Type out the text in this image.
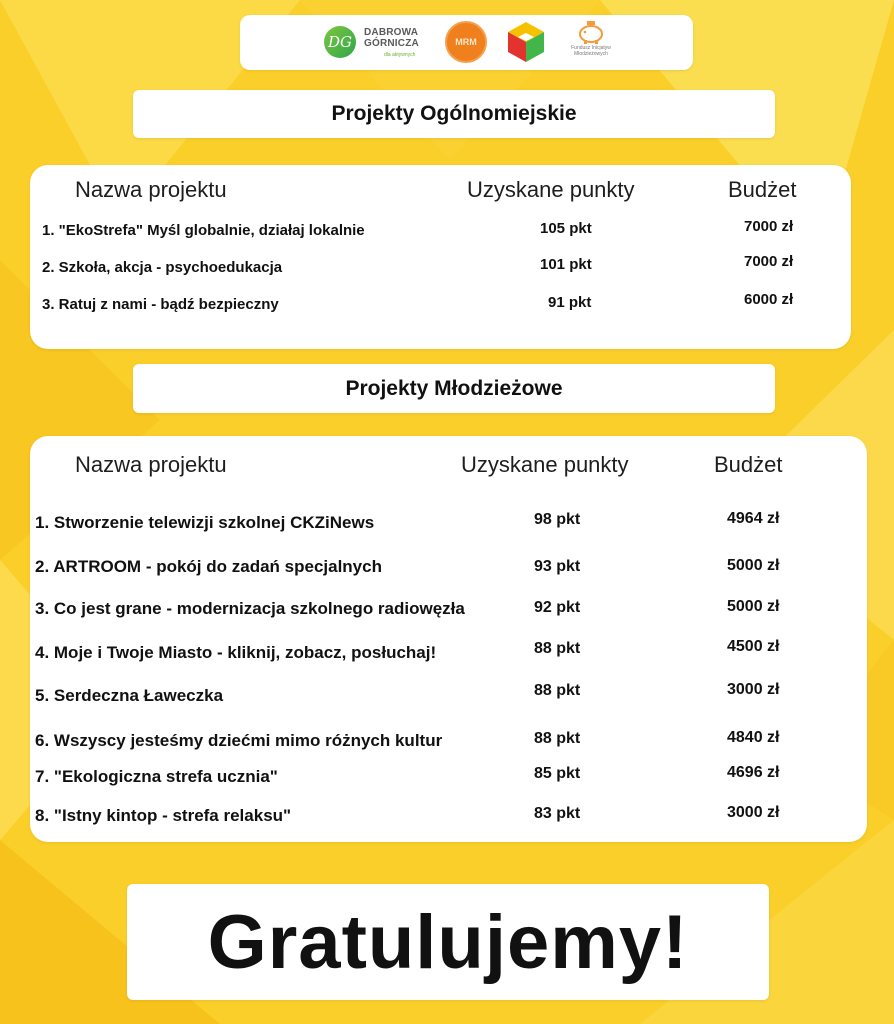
DG
DABROWA
GÓRNICZA
dla aktywnych
MRM
Fundusz Inicjatyw
Młodzieżowych
Projekty Ogólnomiejskie
Nazwa projektu	Uzyskane punkty	Budżet
1. "EkoStrefa" Myśl globalnie, działaj lokalnie	105 pkt	7000 zł
2. Szkoła, akcja - psychoedukacja	101 pkt	7000 zł
3. Ratuj z nami - bądź bezpieczny	91 pkt	6000 zł
Projekty Młodzieżowe
Nazwa projektu	Uzyskane punkty	Budżet
1. Stworzenie telewizji szkolnej CKZiNews	98 pkt	4964 zł
2. ARTROOM - pokój do zadań specjalnych	93 pkt	5000 zł
3. Co jest grane - modernizacja szkolnego radiowęzła	92 pkt	5000 zł
4. Moje i Twoje Miasto - kliknij, zobacz, posłuchaj!	88 pkt	4500 zł
5. Serdeczna Ławeczka	88 pkt	3000 zł
6. Wszyscy jesteśmy dziećmi mimo różnych kultur	88 pkt	4840 zł
7. "Ekologiczna strefa ucznia"	85 pkt	4696 zł
8. "Istny kintop - strefa relaksu"	83 pkt	3000 zł
Gratulujemy!
